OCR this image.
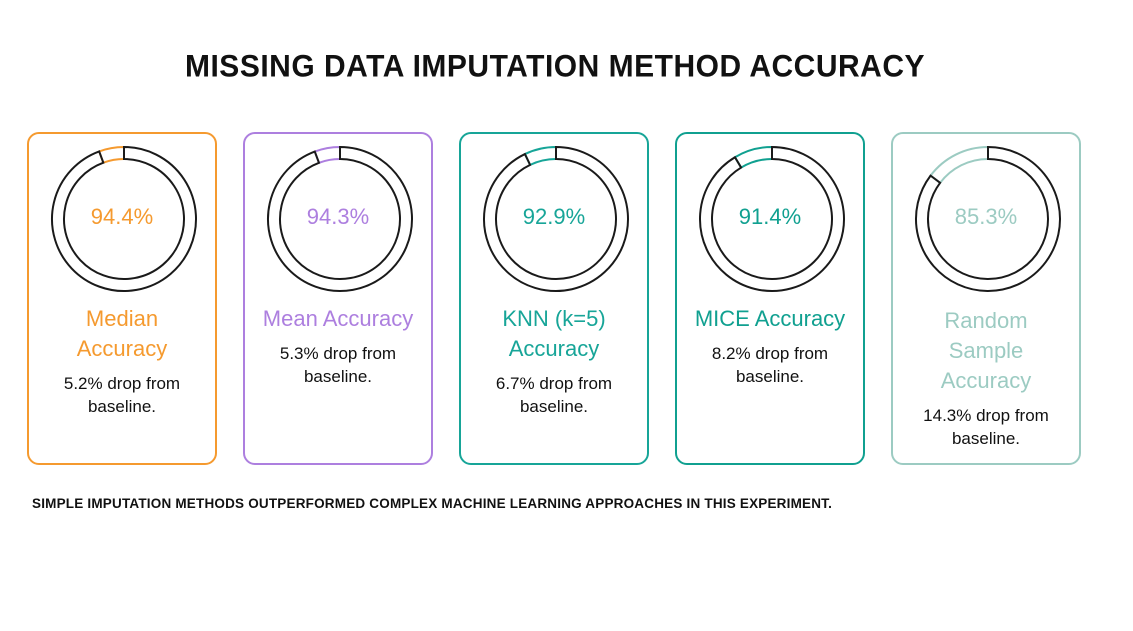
MISSING DATA IMPUTATION METHOD ACCURACY
94.4%
Median Accuracy
5.2% drop from baseline.
94.3%
Mean Accuracy
5.3% drop from baseline.
92.9%
KNN (k=5) Accuracy
6.7% drop from baseline.
91.4%
MICE Accuracy
8.2% drop from baseline.
85.3%
Random Sample Accuracy
14.3% drop from baseline.
SIMPLE IMPUTATION METHODS OUTPERFORMED COMPLEX MACHINE LEARNING APPROACHES IN THIS EXPERIMENT.
